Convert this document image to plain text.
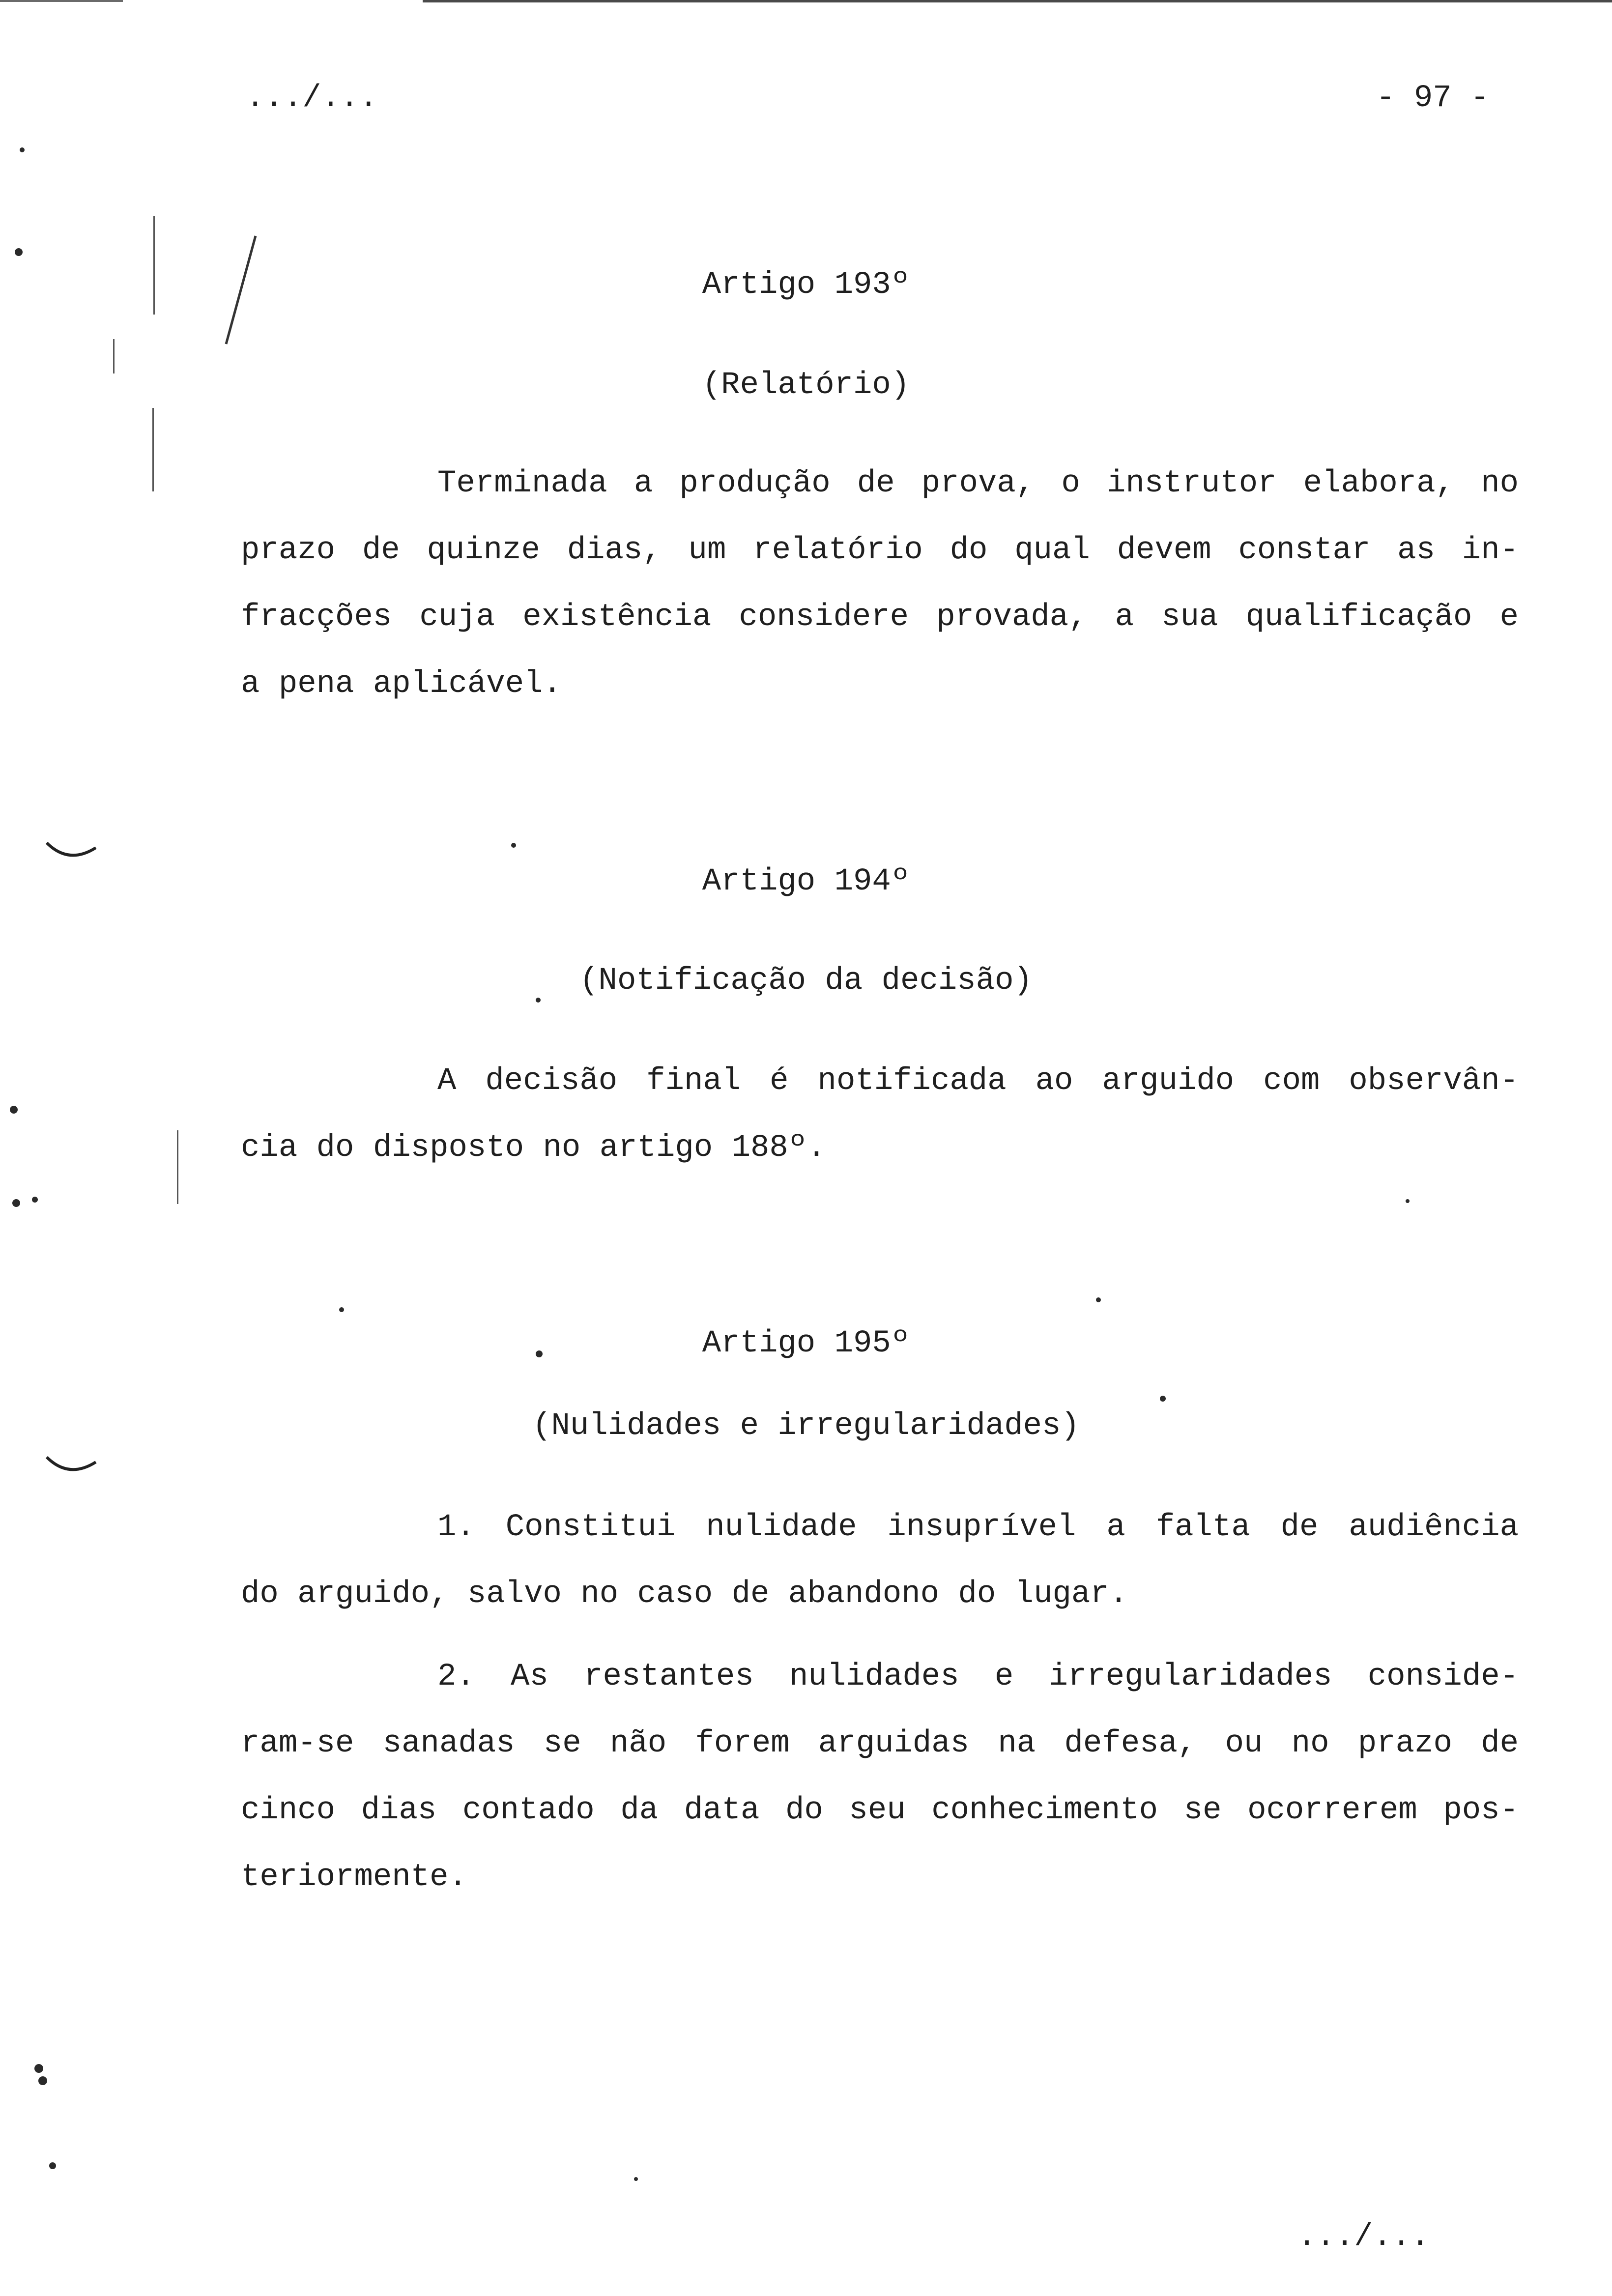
.../...	- 97 -
Artigo 193º
(Relatório)
Terminada a produção de prova, o instrutor elabora, no
prazo de quinze dias, um relatório do qual devem constar as in-
fracções cuja existência considere provada, a sua qualificação e
a pena aplicável.
Artigo 194º
(Notificação da decisão)
A decisão final é notificada ao arguido com observân-
cia do disposto no artigo 188º.
Artigo 195º
(Nulidades e irregularidades)
1. Constitui nulidade insuprível a falta de audiência
do arguido, salvo no caso de abandono do lugar.
2. As restantes nulidades e irregularidades conside-
ram-se sanadas se não forem arguidas na defesa, ou no prazo de
cinco dias contado da data do seu conhecimento se ocorrerem pos-
teriormente.
.../...
